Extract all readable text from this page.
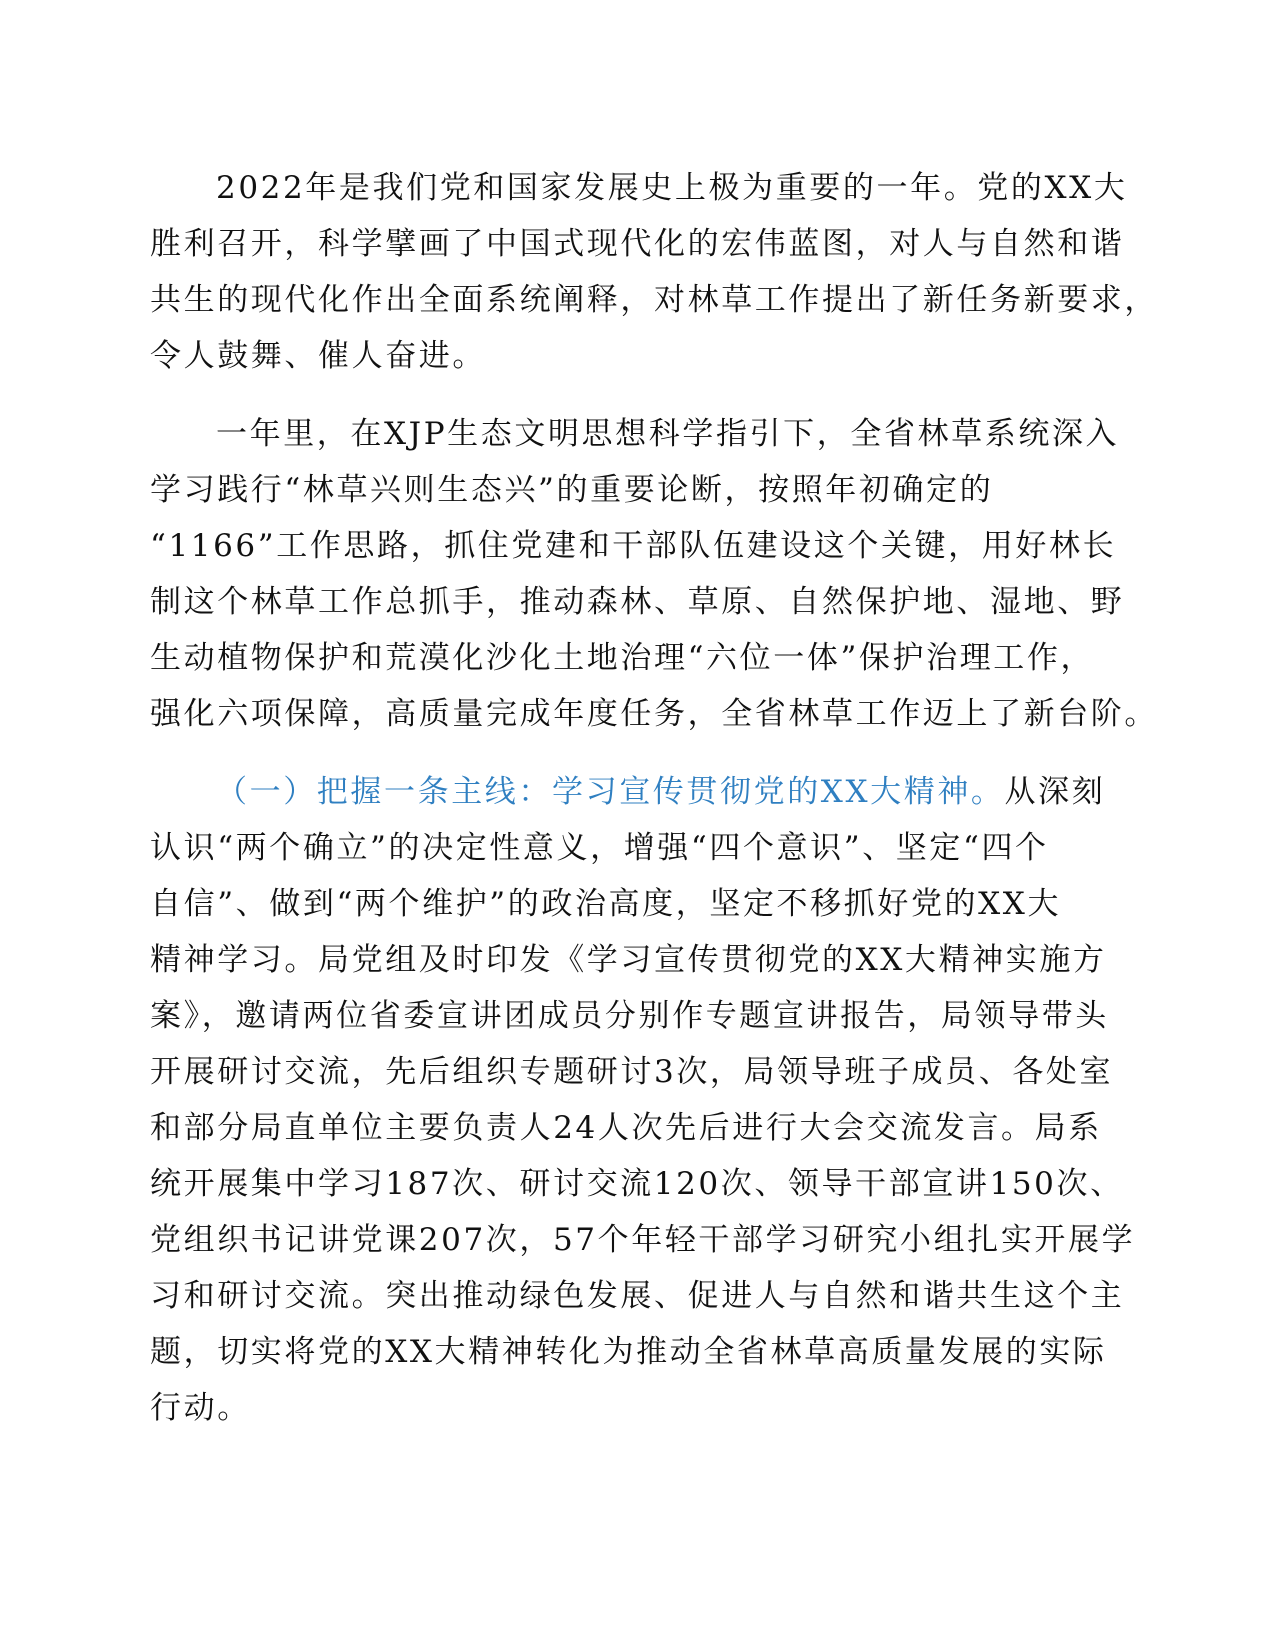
2022年是我们党和国家发展史上极为重要的一年。党的XX大
胜利召开，科学擘画了中国式现代化的宏伟蓝图，对人与自然和谐
共生的现代化作出全面系统阐释，对林草工作提出了新任务新要求，
令人鼓舞、催人奋进。
一年里，在XJP生态文明思想科学指引下，全省林草系统深入
学习践行“林草兴则生态兴”的重要论断，按照年初确定的
“1166”工作思路，抓住党建和干部队伍建设这个关键，用好林长
制这个林草工作总抓手，推动森林、草原、自然保护地、湿地、野
生动植物保护和荒漠化沙化土地治理“六位一体”保护治理工作，
强化六项保障，高质量完成年度任务，全省林草工作迈上了新台阶。
（一）把握一条主线：学习宣传贯彻党的XX大精神。从深刻
认识“两个确立”的决定性意义，增强“四个意识”、坚定“四个
自信”、做到“两个维护”的政治高度，坚定不移抓好党的XX大
精神学习。局党组及时印发《学习宣传贯彻党的XX大精神实施方
案》，邀请两位省委宣讲团成员分别作专题宣讲报告，局领导带头
开展研讨交流，先后组织专题研讨3次，局领导班子成员、各处室
和部分局直单位主要负责人24人次先后进行大会交流发言。局系
统开展集中学习187次、研讨交流120次、领导干部宣讲150次、
党组织书记讲党课207次，57个年轻干部学习研究小组扎实开展学
习和研讨交流。突出推动绿色发展、促进人与自然和谐共生这个主
题，切实将党的XX大精神转化为推动全省林草高质量发展的实际
行动。
